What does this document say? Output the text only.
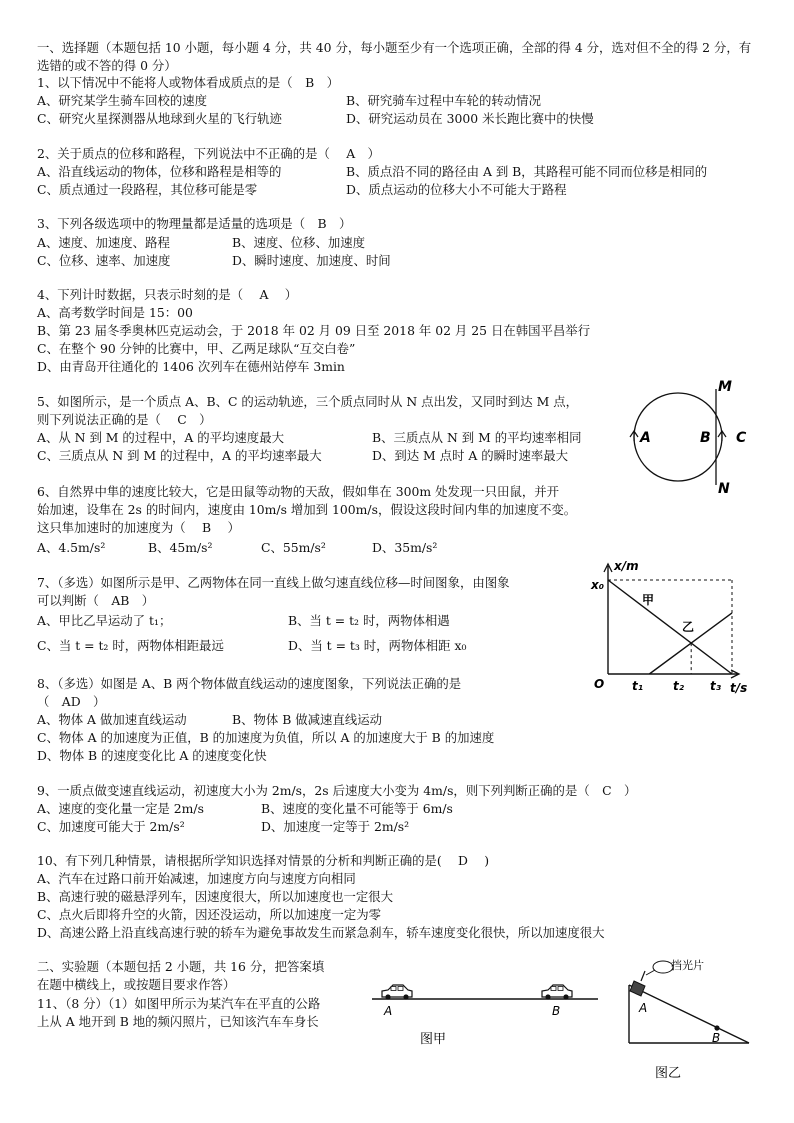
一、选择题（本题包括 10 小题，每小题 4 分，共 40 分，每小题至少有一个选项正确，全部的得 4 分，选对但不全的得 2 分，有选错的或不答的得 0 分）
1、以下情况中不能将人或物体看成质点的是（　B　）
A、研究某学生骑车回校的速度	B、研究骑车过程中车轮的转动情况
C、研究火星探测器从地球到火星的飞行轨迹	D、研究运动员在 3000 米长跑比赛中的快慢
2、关于质点的位移和路程，下列说法中不正确的是（　 A　）
A、沿直线运动的物体，位移和路程是相等的	B、质点沿不同的路径由 A 到 B，其路程可能不同而位移是相同的
C、质点通过一段路程，其位移可能是零	D、质点运动的位移大小不可能大于路程
3、下列各级选项中的物理量都是适量的选项是（　B　）
A、速度、加速度、路程	B、速度、位移、加速度
C、位移、速率、加速度	D、瞬时速度、加速度、时间
4、下列计时数据，只表示时刻的是（　 A　 ）
A、高考数学时间是 15：00
B、第 23 届冬季奥林匹克运动会，于 2018 年 02 月 09 日至 2018 年 02 月 25 日在韩国平昌举行
C、在整个 90 分钟的比赛中，甲、乙两足球队“互交白卷”
D、由青岛开往通化的 1406 次列车在德州站停车 3min
5、如图所示，是一个质点 A、B、C 的运动轨迹，三个质点同时从 N 点出发，又同时到达 M 点，
则下列说法正确的是（　 C　）
A、从 N 到 M 的过程中，A 的平均速度最大	B、三质点从 N 到 M 的平均速率相同
C、三质点从 N 到 M 的过程中，A 的平均速率最大	D、到达 M 点时 A 的瞬时速率最大
M
N
A	B C
6、自然界中隼的速度比较大，它是田鼠等动物的天敌，假如隼在 300m 处发现一只田鼠，并开
始加速，设隼在 2s 的时间内，速度由 10m/s 增加到 100m/s，假设这段时间内隼的加速度不变。
这只隼加速时的加速度为（　 B　 ）
A、4.5m/s²	B、45m/s²	C、55m/s²	D、35m/s²
7、（多选）如图所示是甲、乙两物体在同一直线上做匀速直线位移—时间图象，由图象
可以判断（　AB　）
A、甲比乙早运动了 t₁；	B、当 t = t₂ 时，两物体相遇
C、当 t = t₂ 时，两物体相距最远	D、当 t = t₃ 时，两物体相距 x₀
x/m
t/s
O
x₀
t₁	t₂ t₃
甲
乙
8、（多选）如图是 A、B 两个物体做直线运动的速度图象，下列说法正确的是
（　AD　）
A、物体 A 做加速直线运动	B、物体 B 做减速直线运动
C、物体 A 的加速度为正值，B 的加速度为负值，所以 A 的加速度大于 B 的加速度
D、物体 B 的速度变化比 A 的速度变化快
9、一质点做变速直线运动，初速度大小为 2m/s，2s 后速度大小变为 4m/s，则下列判断正确的是（　C　）
A、速度的变化量一定是 2m/s	B、速度的变化量不可能等于 6m/s
C、加速度可能大于 2m/s²	D、加速度一定等于 2m/s²
10、有下列几种情景，请根据所学知识选择对情景的分析和判断正确的是(　 D　 )
A、汽车在过路口前开始减速，加速度方向与速度方向相同
B、高速行驶的磁悬浮列车，因速度很大，所以加速度也一定很大
C、点火后即将升空的火箭，因还没运动，所以加速度一定为零
D、高速公路上沿直线高速行驶的轿车为避免事故发生而紧急刹车，轿车速度变化很快，所以加速度很大
二、实验题（本题包括 2 小题，共 16 分，把答案填
在题中横线上，或按题目要求作答）
11、（8 分）（1）如图甲所示为某汽车在平直的公路
上从 A 地开到 B 地的频闪照片，已知该汽车车身长
A	B
图甲
挡光片
A
B
图乙
